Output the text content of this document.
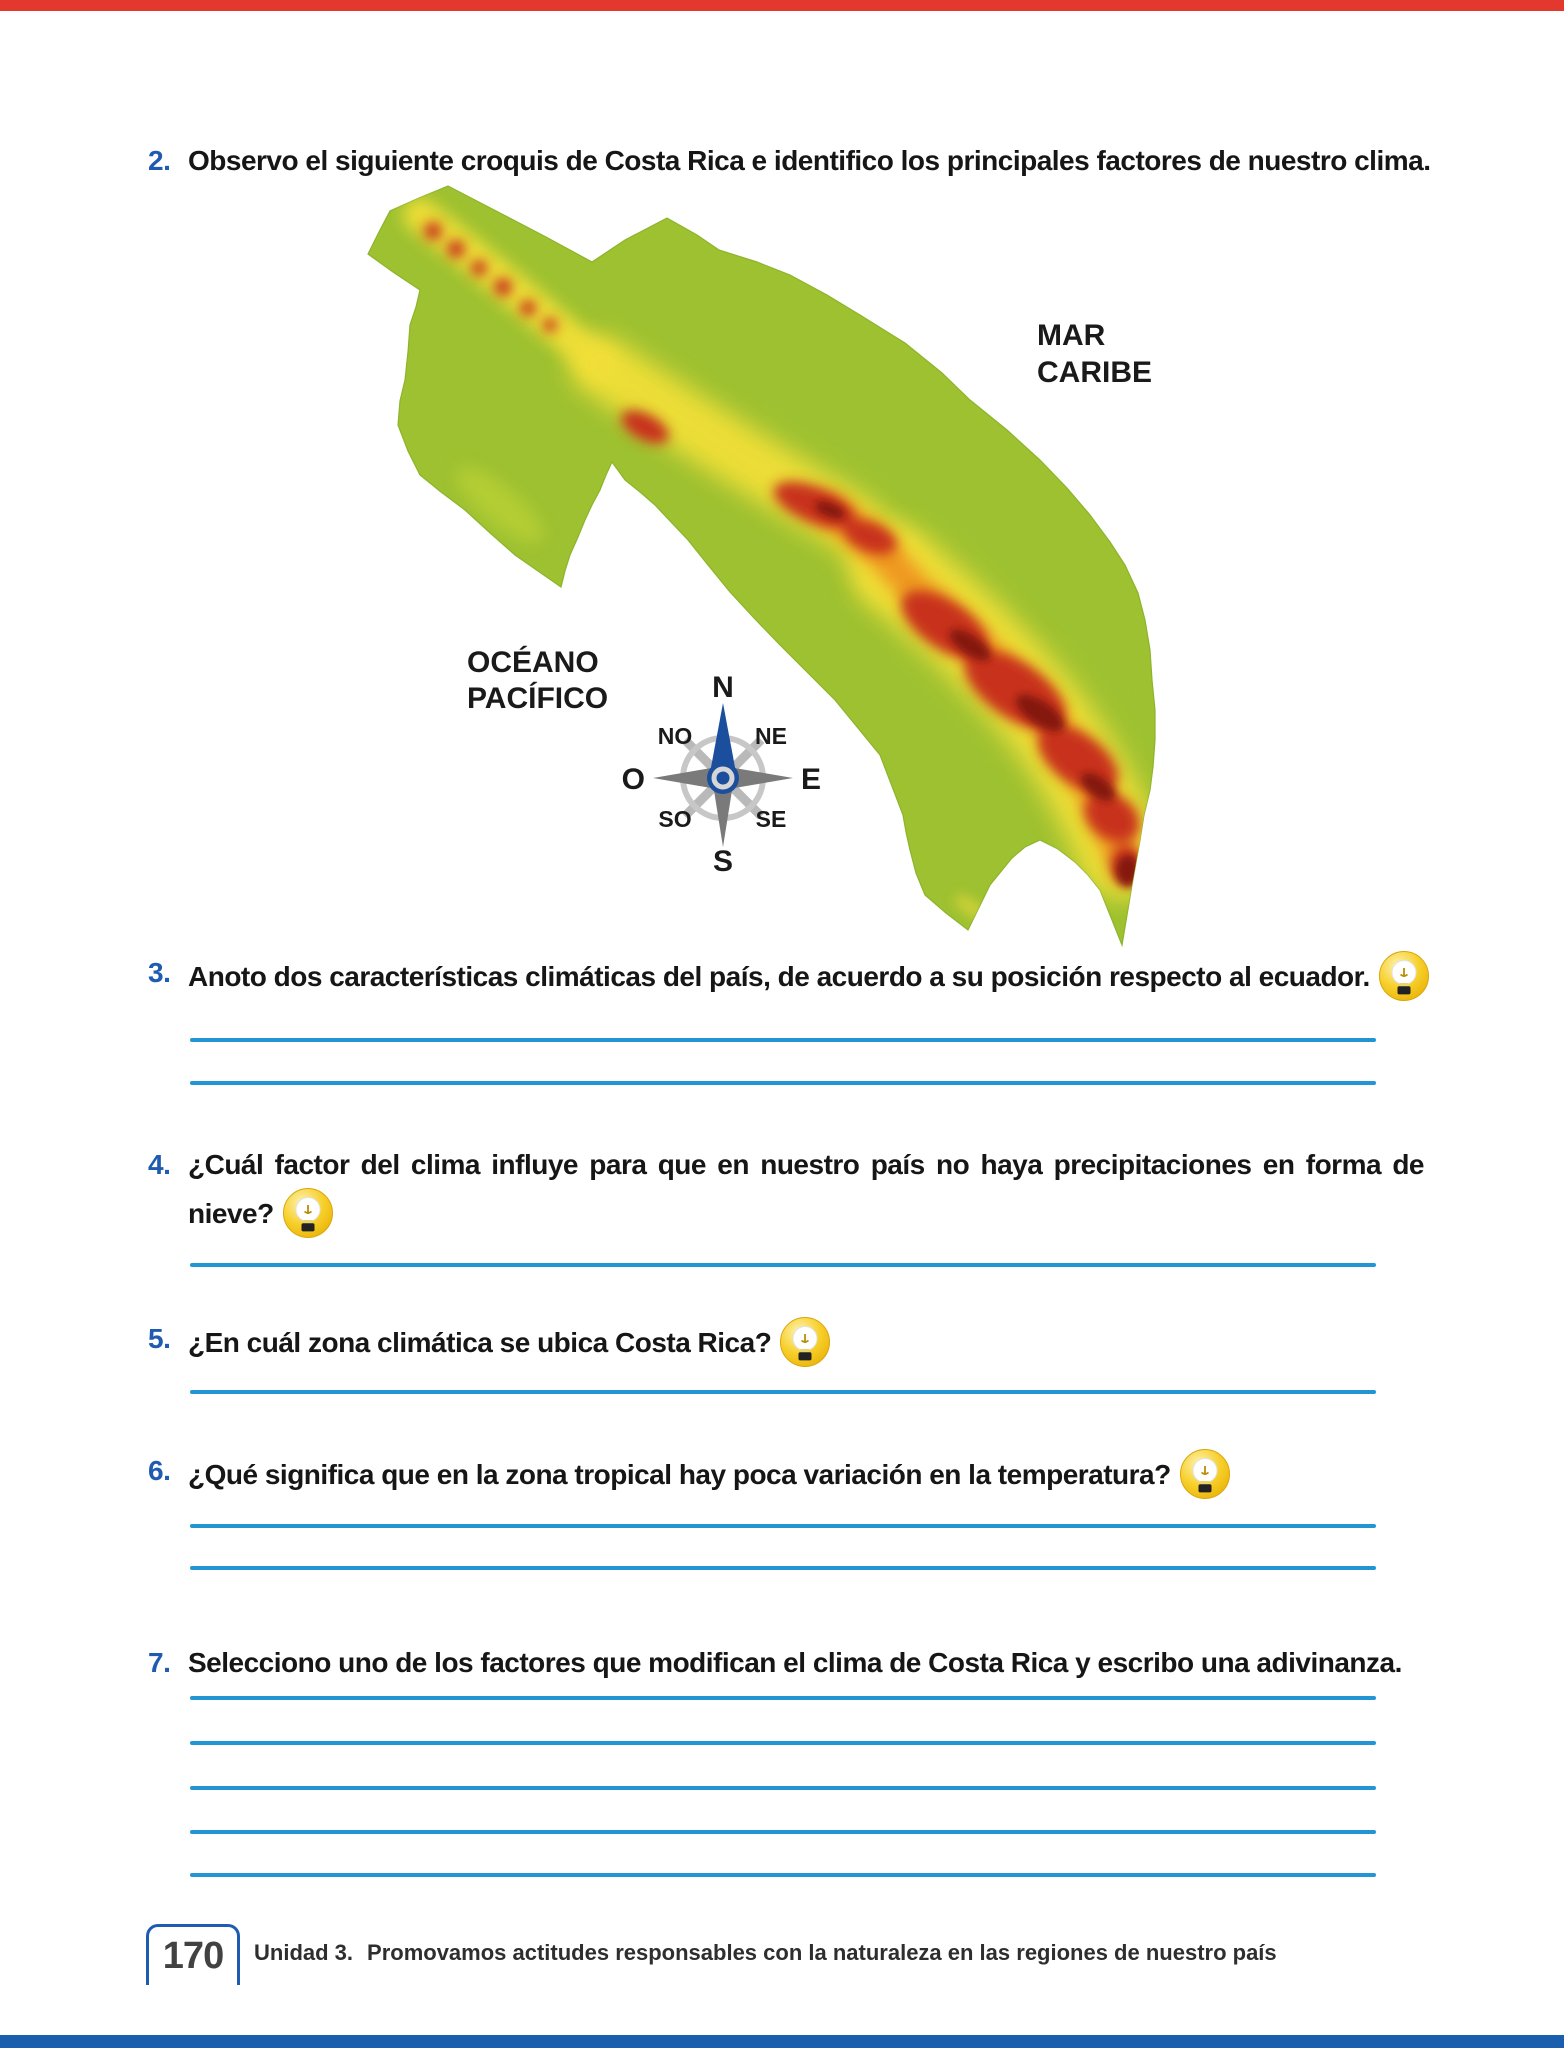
2. Observo el siguiente croquis de Costa Rica e identifico los principales factores de nuestro clima.
MAR
CARIBE
OCÉANO
PACÍFICO	N
S
O	E
NO	NE
SO	SE
3. Anoto dos características climáticas del país, de acuerdo a su posición respecto al ecuador.
4. ¿Cuál factor del clima influye para que en nuestro país no haya precipitaciones en forma de
nieve?
5. ¿En cuál zona climática se ubica Costa Rica?
6. ¿Qué significa que en la zona tropical hay poca variación en la temperatura?
7. Selecciono uno de los factores que modifican el clima de Costa Rica y escribo una adivinanza.
170 Unidad 3. Promovamos actitudes responsables con la naturaleza en las regiones de nuestro país
